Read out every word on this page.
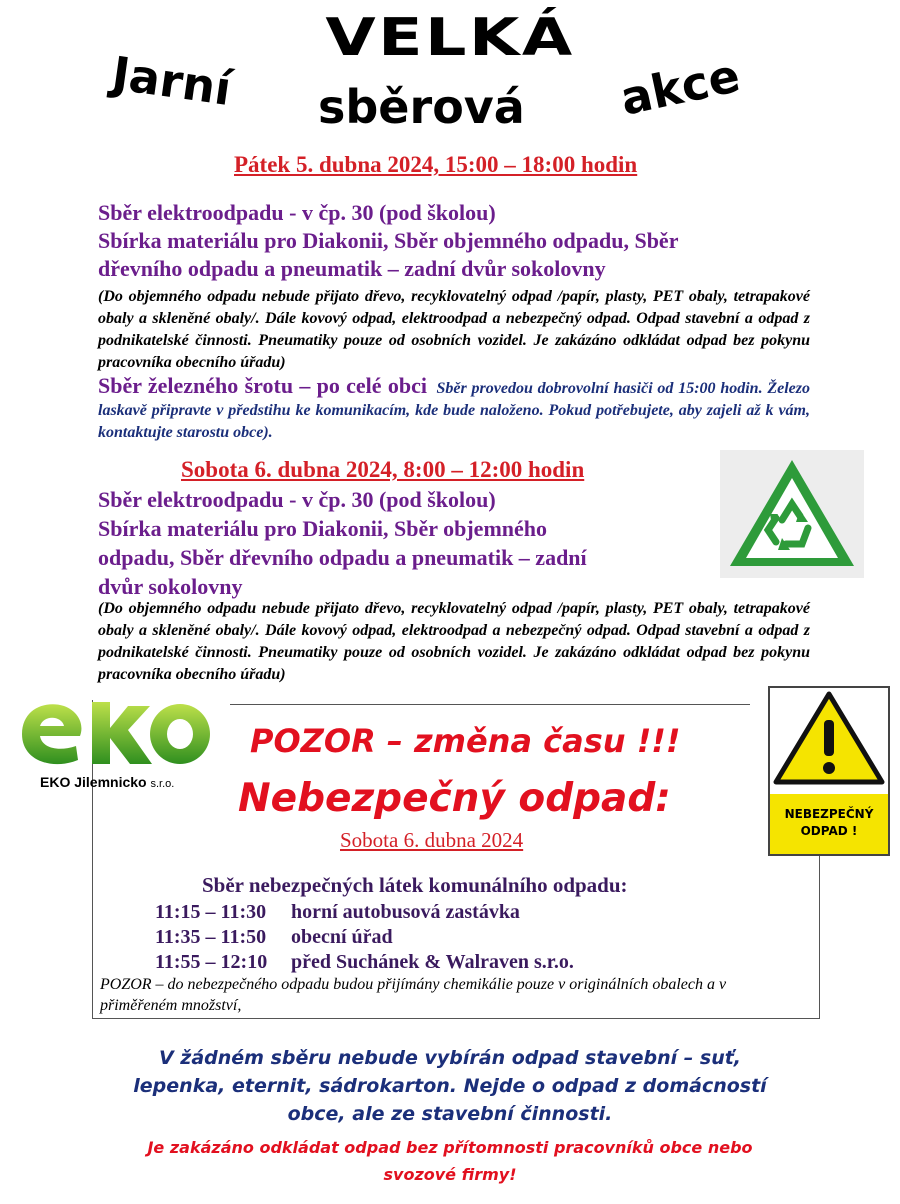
VELKÁ
Jarní sběrová akce
Pátek 5. dubna 2024, 15:00 – 18:00 hodin
Sběr elektroodpadu - v čp. 30 (pod školou)
Sbírka materiálu pro Diakonii, Sběr objemného odpadu, Sběr
dřevního odpadu a pneumatik – zadní dvůr sokolovny
(Do objemného odpadu nebude přijato dřevo, recyklovatelný odpad /papír, plasty, PET obaly, tetrapakové obaly a skleněné obaly/. Dále kovový odpad, elektroodpad a nebezpečný odpad. Odpad stavební a odpad z podnikatelské činnosti. Pneumatiky pouze od osobních vozidel. Je zakázáno odkládat odpad bez pokynu pracovníka obecního úřadu)
Sběr železného šrotu – po celé obci Sběr provedou dobrovolní hasiči od 15:00 hodin. Železo laskavě připravte v předstihu ke komunikacím, kde bude naloženo. Pokud potřebujete, aby zajeli až k vám, kontaktujte starostu obce).
Sobota 6. dubna 2024, 8:00 – 12:00 hodin
Sběr elektroodpadu - v čp. 30 (pod školou)
Sbírka materiálu pro Diakonii, Sběr objemného
odpadu, Sběr dřevního odpadu a pneumatik – zadní
dvůr sokolovny
(Do objemného odpadu nebude přijato dřevo, recyklovatelný odpad /papír, plasty, PET obaly, tetrapakové obaly a skleněné obaly/. Dále kovový odpad, elektroodpad a nebezpečný odpad. Odpad stavební a odpad z podnikatelské činnosti. Pneumatiky pouze od osobních vozidel. Je zakázáno odkládat odpad bez pokynu pracovníka obecního úřadu)
EKO Jilemnicko s.r.o.
NEBEZPEČNÝ
ODPAD !
POZOR – změna času !!!
Nebezpečný odpad:
Sobota 6. dubna 2024
Sběr nebezpečných látek komunálního odpadu:
11:15 – 11:30 horní autobusová zastávka
11:35 – 11:50 obecní úřad
11:55 – 12:10 před Suchánek & Walraven s.r.o.
POZOR – do nebezpečného odpadu budou přijímány chemikálie pouze v originálních obalech a v přiměřeném množství,
V žádném sběru nebude vybírán odpad stavební – suť,
lepenka, eternit, sádrokarton. Nejde o odpad z domácností
obce, ale ze stavební činnosti.
Je zakázáno odkládat odpad bez přítomnosti pracovníků obce nebo
svozové firmy!
